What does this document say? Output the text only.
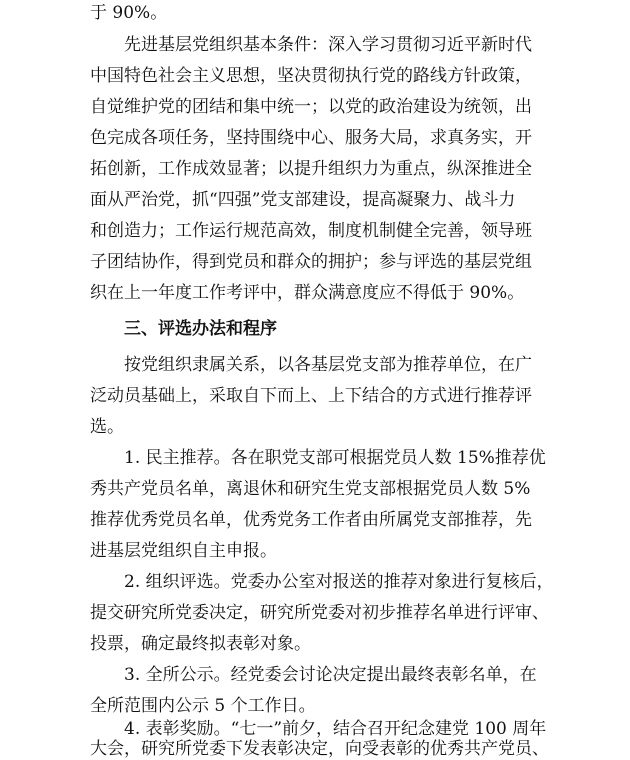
于 90%。
先进基层党组织基本条件：深入学习贯彻习近平新时代
中国特色社会主义思想，坚决贯彻执行党的路线方针政策，
自觉维护党的团结和集中统一；以党的政治建设为统领，出
色完成各项任务，坚持围绕中心、服务大局，求真务实，开
拓创新，工作成效显著；以提升组织力为重点，纵深推进全
面从严治党，抓“四强”党支部建设，提高凝聚力、战斗力
和创造力；工作运行规范高效，制度机制健全完善，领导班
子团结协作，得到党员和群众的拥护；参与评选的基层党组
织在上一年度工作考评中，群众满意度应不得低于 90%。
三、评选办法和程序
按党组织隶属关系，以各基层党支部为推荐单位，在广
泛动员基础上，采取自下而上、上下结合的方式进行推荐评
选。
1. 民主推荐。各在职党支部可根据党员人数 15%推荐优
秀共产党员名单，离退休和研究生党支部根据党员人数 5%
推荐优秀党员名单，优秀党务工作者由所属党支部推荐，先
进基层党组织自主申报。
2. 组织评选。党委办公室对报送的推荐对象进行复核后，
提交研究所党委决定，研究所党委对初步推荐名单进行评审、
投票，确定最终拟表彰对象。
3. 全所公示。经党委会讨论决定提出最终表彰名单，在
全所范围内公示 5 个工作日。
4. 表彰奖励。“七一”前夕，结合召开纪念建党 100 周年
大会，研究所党委下发表彰决定，向受表彰的优秀共产党员、
